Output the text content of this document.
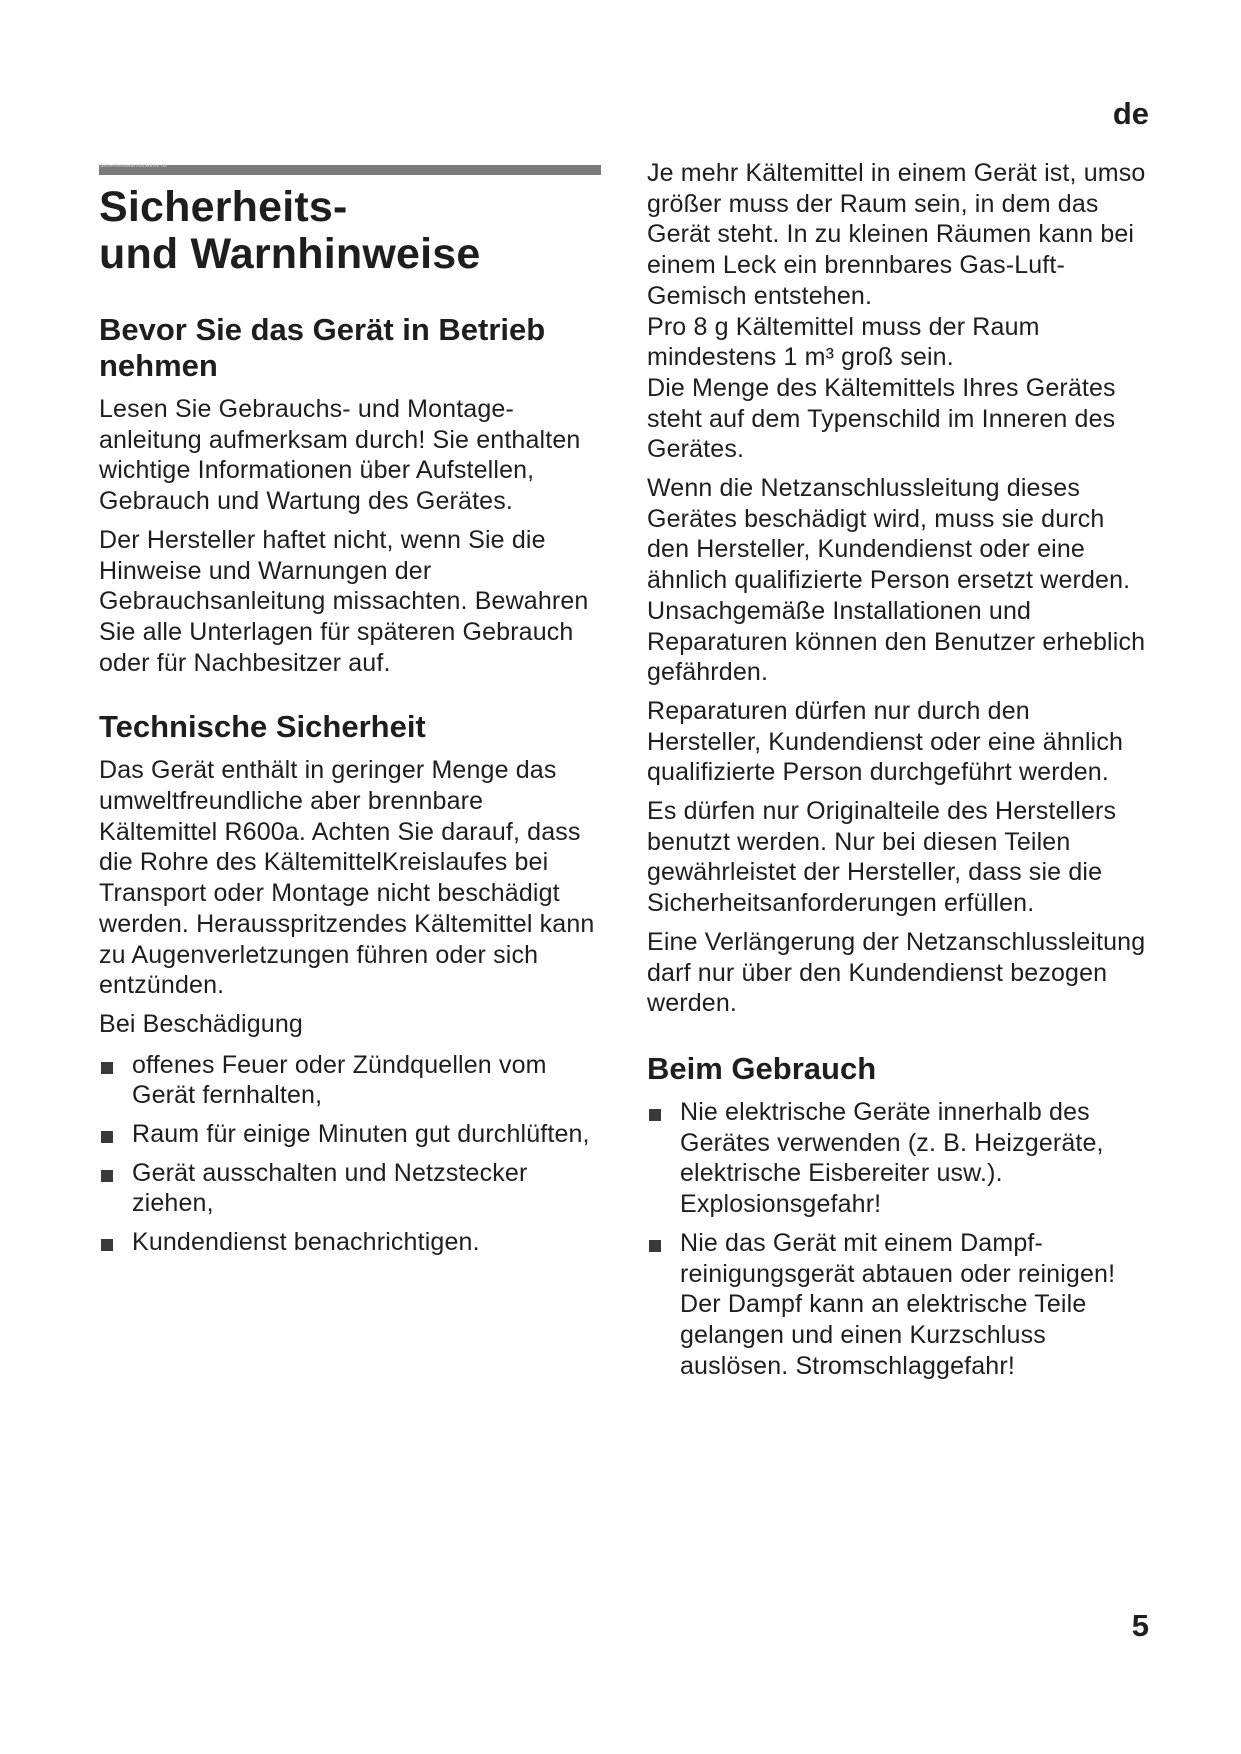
de
Sicherheitswarnhinweise de
Sicherheits-
und Warnhinweise
Bevor Sie das Gerät in Betrieb nehmen

Lesen Sie Gebrauchs- und Montageanleitung aufmerksam durch! Sie enthalten wichtige Informationen über Aufstellen, Gebrauch und Wartung des Gerätes.

Der Hersteller haftet nicht, wenn Sie die Hinweise und Warnungen der Gebrauchsanleitung missachten. Bewahren Sie alle Unterlagen für späteren Gebrauch oder für Nachbesitzer auf.

Technische Sicherheit

Das Gerät enthält in geringer Menge das umweltfreundliche aber brennbare Kältemittel R600a. Achten Sie darauf, dass die Rohre des KältemittelKreislaufes bei Transport oder Montage nicht beschädigt werden. Herausspritzendes Kältemittel kann zu Augenverletzungen führen oder sich entzünden.

Bei Beschädigung

offenes Feuer oder Zündquellen vom Gerät fernhalten,
Raum für einige Minuten gut durchlüften,
Gerät ausschalten und Netzstecker ziehen,
Kundendienst benachrichtigen.

Je mehr Kältemittel in einem Gerät ist, umso größer muss der Raum sein, in dem das Gerät steht. In zu kleinen Räumen kann bei einem Leck ein brennbares Gas-Luft-Gemisch entstehen.

Pro 8 g Kältemittel muss der Raum mindestens 1 m³ groß sein.

Die Menge des Kältemittels Ihres Gerätes steht auf dem Typenschild im Inneren des Gerätes.

Wenn die Netzanschlussleitung dieses Gerätes beschädigt wird, muss sie durch den Hersteller, Kundendienst oder eine ähnlich qualifizierte Person ersetzt werden. Unsachgemäße Installationen und Reparaturen können den Benutzer erheblich gefährden.

Reparaturen dürfen nur durch den Hersteller, Kundendienst oder eine ähnlich qualifizierte Person durchgeführt werden.

Es dürfen nur Originalteile des Herstellers benutzt werden. Nur bei diesen Teilen gewährleistet der Hersteller, dass sie die Sicherheitsanforderungen erfüllen.

Eine Verlängerung der Netzanschlussleitung darf nur über den Kundendienst bezogen werden.

Beim Gebrauch
Nie elektrische Geräte innerhalb des Gerätes verwenden (z. B. Heizgeräte, elektrische Eisbereiter usw.). Explosionsgefahr!
Nie das Gerät mit einem Dampfreinigungsgerät abtauen oder reinigen! Der Dampf kann an elektrische Teile gelangen und einen Kurzschluss auslösen. Stromschlaggefahr!
5
